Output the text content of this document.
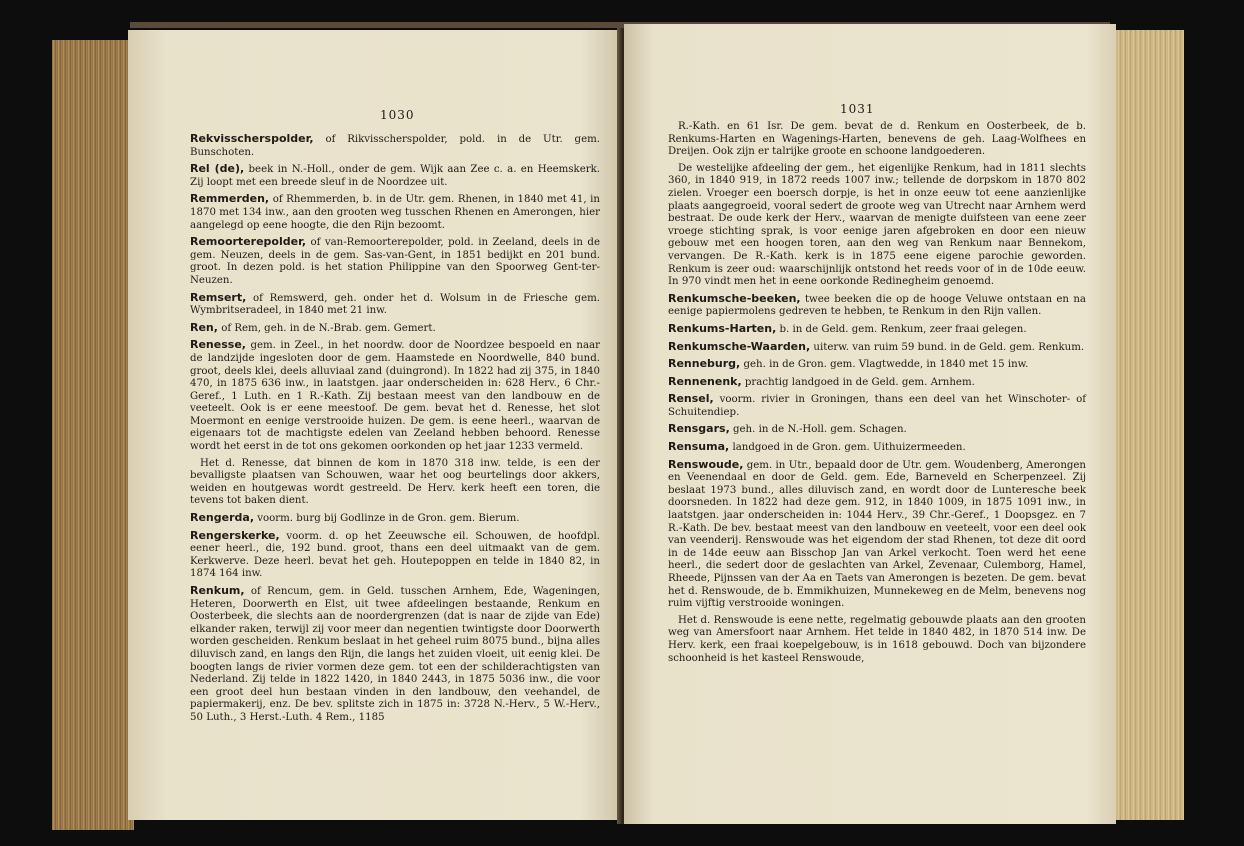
1030

Rekvisscherspolder, of Rikvisscherspolder, pold. in de Utr. gem. Bunschoten.

Rel (de), beek in N.-Holl., onder de gem. Wijk aan Zee c. a. en Heemskerk. Zij loopt met een breede sleuf in de Noordzee uit.

Remmerden, of Rhemmerden, b. in de Utr. gem. Rhenen, in 1840 met 41, in 1870 met 134 inw., aan den grooten weg tusschen Rhenen en Amerongen, hier aangelegd op eene hoogte, die den Rijn bezoomt.

Remoorterepolder, of van-Remoorterepolder, pold. in Zeeland, deels in de gem. Neuzen, deels in de gem. Sas-van-Gent, in 1851 bedijkt en 201 bund. groot. In dezen pold. is het station Philippine van den Spoorweg Gent-ter-Neuzen.

Remsert, of Remswerd, geh. onder het d. Wolsum in de Friesche gem. Wymbritseradeel, in 1840 met 21 inw.

Ren, of Rem, geh. in de N.-Brab. gem. Gemert.

Renesse, gem. in Zeel., in het noordw. door de Noordzee bespoeld en naar de landzijde ingesloten door de gem. Haamstede en Noordwelle, 840 bund. groot, deels klei, deels alluviaal zand (duingrond). In 1822 had zij 375, in 1840 470, in 1875 636 inw., in laatstgen. jaar onderscheiden in: 628 Herv., 6 Chr.-Geref., 1 Luth. en 1 R.-Kath. Zij bestaan meest van den landbouw en de veeteelt. Ook is er eene meestoof. De gem. bevat het d. Renesse, het slot Moermont en eenige verstrooide huizen. De gem. is eene heerl., waarvan de eigenaars tot de machtigste edelen van Zeeland hebben behoord. Renesse wordt het eerst in de tot ons gekomen oorkonden op het jaar 1233 vermeld.

Het d. Renesse, dat binnen de kom in 1870 318 inw. telde, is een der bevalligste plaatsen van Schouwen, waar het oog beurtelings door akkers, weiden en houtgewas wordt gestreeld. De Herv. kerk heeft een toren, die tevens tot baken dient.

Rengerda, voorm. burg bij Godlinze in de Gron. gem. Bierum.

Rengerskerke, voorm. d. op het Zeeuwsche eil. Schouwen, de hoofdpl. eener heerl., die, 192 bund. groot, thans een deel uitmaakt van de gem. Kerkwerve. Deze heerl. bevat het geh. Houtepoppen en telde in 1840 82, in 1874 164 inw.

Renkum, of Rencum, gem. in Geld. tusschen Arnhem, Ede, Wageningen, Heteren, Doorwerth en Elst, uit twee afdeelingen bestaande, Renkum en Oosterbeek, die slechts aan de noordergrenzen (dat is naar de zijde van Ede) elkander raken, terwijl zij voor meer dan negentien twintigste door Doorwerth worden gescheiden. Renkum beslaat in het geheel ruim 8075 bund., bijna alles diluvisch zand, en langs den Rijn, die langs het zuiden vloeit, uit eenig klei. De boogten langs de rivier vormen deze gem. tot een der schilderachtigsten van Nederland. Zij telde in 1822 1420, in 1840 2443, in 1875 5036 inw., die voor een groot deel hun bestaan vinden in den landbouw, den veehandel, de papiermakerij, enz. De bev. splitste zich in 1875 in: 3728 N.-Herv., 5 W.-Herv., 50 Luth., 3 Herst.-Luth. 4 Rem., 1185

1031

R.-Kath. en 61 Isr. De gem. bevat de d. Renkum en Oosterbeek, de b. Renkums-Harten en Wagenings-Harten, benevens de geh. Laag-Wolfhees en Dreijen. Ook zijn er talrijke groote en schoone landgoederen.

De westelijke afdeeling der gem., het eigenlijke Renkum, had in 1811 slechts 360, in 1840 919, in 1872 reeds 1007 inw.; tellende de dorpskom in 1870 802 zielen. Vroeger een boersch dorpje, is het in onze eeuw tot eene aanzienlijke plaats aangegroeid, vooral sedert de groote weg van Utrecht naar Arnhem werd bestraat. De oude kerk der Herv., waarvan de menigte duifsteen van eene zeer vroege stichting sprak, is voor eenige jaren afgebroken en door een nieuw gebouw met een hoogen toren, aan den weg van Renkum naar Bennekom, vervangen. De R.-Kath. kerk is in 1875 eene eigene parochie geworden. Renkum is zeer oud: waarschijnlijk ontstond het reeds voor of in de 10de eeuw. In 970 vindt men het in eene oorkonde Redinegheim genoemd.

Renkumsche-beeken, twee beeken die op de hooge Veluwe ontstaan en na eenige papiermolens gedreven te hebben, te Renkum in den Rijn vallen.

Renkums-Harten, b. in de Geld. gem. Renkum, zeer fraai gelegen.

Renkumsche-Waarden, uiterw. van ruim 59 bund. in de Geld. gem. Renkum.

Renneburg, geh. in de Gron. gem. Vlagtwedde, in 1840 met 15 inw.

Rennenenk, prachtig landgoed in de Geld. gem. Arnhem.

Rensel, voorm. rivier in Groningen, thans een deel van het Winschoter- of Schuitendiep.

Rensgars, geh. in de N.-Holl. gem. Schagen.

Rensuma, landgoed in de Gron. gem. Uithuizermeeden.

Renswoude, gem. in Utr., bepaald door de Utr. gem. Woudenberg, Amerongen en Veenendaal en door de Geld. gem. Ede, Barneveld en Scherpenzeel. Zij beslaat 1973 bund., alles diluvisch zand, en wordt door de Lunteresche beek doorsneden. In 1822 had deze gem. 912, in 1840 1009, in 1875 1091 inw., in laatstgen. jaar onderscheiden in: 1044 Herv., 39 Chr.-Geref., 1 Doopsgez. en 7 R.-Kath. De bev. bestaat meest van den landbouw en veeteelt, voor een deel ook van veenderij. Renswoude was het eigendom der stad Rhenen, tot deze dit oord in de 14de eeuw aan Bisschop Jan van Arkel verkocht. Toen werd het eene heerl., die sedert door de geslachten van Arkel, Zevenaar, Culemborg, Hamel, Rheede, Pijnssen van der Aa en Taets van Amerongen is bezeten. De gem. bevat het d. Renswoude, de b. Emmikhuizen, Munnekeweg en de Melm, benevens nog ruim vijftig verstrooide woningen.

Het d. Renswoude is eene nette, regelmatig gebouwde plaats aan den grooten weg van Amersfoort naar Arnhem. Het telde in 1840 482, in 1870 514 inw. De Herv. kerk, een fraai koepelgebouw, is in 1618 gebouwd. Doch van bijzondere schoonheid is het kasteel Renswoude,
